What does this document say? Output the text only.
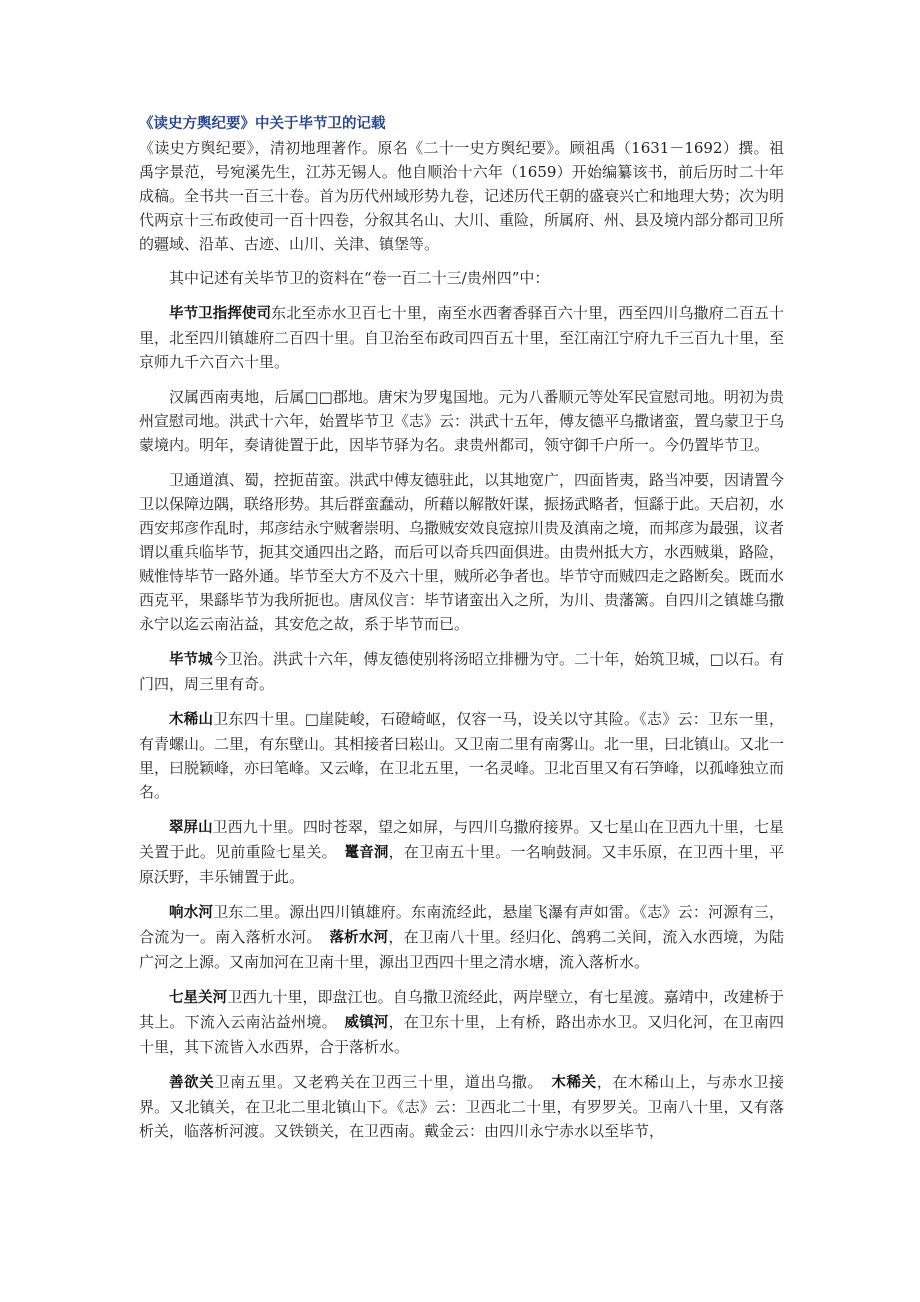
《读史方舆纪要》中关于毕节卫的记载

《读史方舆纪要》，清初地理著作。原名《二十一史方舆纪要》。顾祖禹（1631－1692）撰。祖禹字景范，号宛溪先生，江苏无锡人。他自顺治十六年（1659）开始编纂该书，前后历时二十年成稿。全书共一百三十卷。首为历代州域形势九卷，记述历代王朝的盛衰兴亡和地理大势；次为明代两京十三布政使司一百十四卷，分叙其名山、大川、重险，所属府、州、县及境内部分都司卫所的疆域、沿革、古迹、山川、关津、镇堡等。

其中记述有关毕节卫的资料在“卷一百二十三/贵州四”中：

毕节卫指挥使司东北至赤水卫百七十里，南至水西奢香驿百六十里，西至四川乌撒府二百五十里，北至四川镇雄府二百四十里。自卫治至布政司四百五十里，至江南江宁府九千三百九十里，至京师九千六百六十里。

汉属西南夷地，后属□□郡地。唐宋为罗鬼国地。元为八番顺元等处军民宣慰司地。明初为贵州宣慰司地。洪武十六年，始置毕节卫《志》云：洪武十五年，傅友德平乌撒诸蛮，置乌蒙卫于乌蒙境内。明年，奏请徙置于此，因毕节驿为名。隶贵州都司，领守御千户所一。今仍置毕节卫。

卫通道滇、蜀，控扼苗蛮。洪武中傅友德驻此，以其地宽广，四面皆夷，路当冲要，因请置今卫以保障边隅，联络形势。其后群蛮蠢动，所藉以解散奸谋，振扬武略者，恒繇于此。天启初，水西安邦彦作乱时，邦彦结永宁贼奢崇明、乌撒贼安效良寇掠川贵及滇南之境，而邦彦为最强，议者谓以重兵临毕节，扼其交通四出之路，而后可以奇兵四面俱进。由贵州抵大方，水西贼巢，路险，贼惟恃毕节一路外通。毕节至大方不及六十里，贼所必争者也。毕节守而贼四走之路断矣。既而水西克平，果繇毕节为我所扼也。唐凤仪言：毕节诸蛮出入之所，为川、贵藩篱。自四川之镇雄乌撒永宁以迄云南沾益，其安危之故，系于毕节而已。

毕节城今卫治。洪武十六年，傅友德使别将汤昭立排栅为守。二十年，始筑卫城，□以石。有门四，周三里有奇。

木稀山卫东四十里。□崖陡峻，石磴崎岖，仅容一马，设关以守其险。《志》云：卫东一里，有青螺山。二里，有东壁山。其相接者曰崧山。又卫南二里有南雾山。北一里，曰北镇山。又北一里，曰脱颖峰，亦曰笔峰。又云峰，在卫北五里，一名灵峰。卫北百里又有石笋峰，以孤峰独立而名。

翠屏山卫西九十里。四时苍翠，望之如屏，与四川乌撒府接界。又七星山在卫西九十里，七星关置于此。见前重险七星关。　鼍音洞，在卫南五十里。一名响鼓洞。又丰乐原，在卫西十里，平原沃野，丰乐铺置于此。

响水河卫东二里。源出四川镇雄府。东南流经此，悬崖飞瀑有声如雷。《志》云：河源有三，合流为一。南入落析水河。　落析水河，在卫南八十里。经归化、鸽鸦二关间，流入水西境，为陆广河之上源。又南加河在卫南十里，源出卫西四十里之清水塘，流入落析水。

七星关河卫西九十里，即盘江也。自乌撒卫流经此，两岸壁立，有七星渡。嘉靖中，改建桥于其上。下流入云南沾益州境。　威镇河，在卫东十里，上有桥，路出赤水卫。又归化河，在卫南四十里，其下流皆入水西界，合于落析水。

善欲关卫南五里。又老鸦关在卫西三十里，道出乌撒。　木稀关，在木稀山上，与赤水卫接界。又北镇关，在卫北二里北镇山下。《志》云：卫西北二十里，有罗罗关。卫南八十里，又有落析关，临落析河渡。又铁锁关，在卫西南。戴金云：由四川永宁赤水以至毕节，
